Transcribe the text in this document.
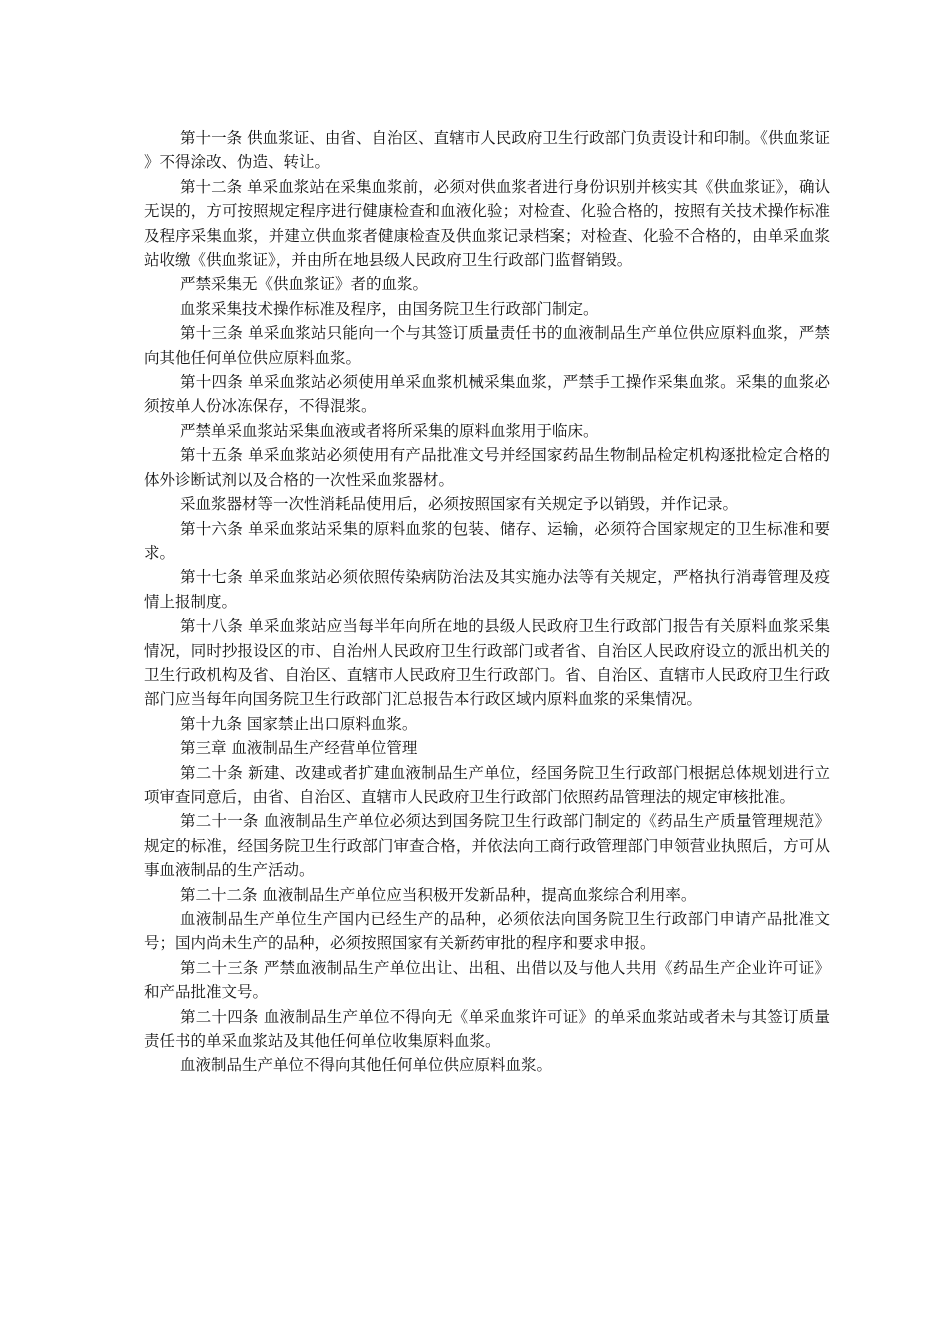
第十一条 供血浆证、由省、自治区、直辖市人民政府卫生行政部门负责设计和印制。《供血浆证》不得涂改、伪造、转让。

第十二条 单采血浆站在采集血浆前，必须对供血浆者进行身份识别并核实其《供血浆证》，确认无误的，方可按照规定程序进行健康检查和血液化验；对检查、化验合格的，按照有关技术操作标准及程序采集血浆，并建立供血浆者健康检查及供血浆记录档案；对检查、化验不合格的，由单采血浆站收缴《供血浆证》，并由所在地县级人民政府卫生行政部门监督销毁。

严禁采集无《供血浆证》者的血浆。

血浆采集技术操作标准及程序，由国务院卫生行政部门制定。

第十三条 单采血浆站只能向一个与其签订质量责任书的血液制品生产单位供应原料血浆，严禁向其他任何单位供应原料血浆。

第十四条 单采血浆站必须使用单采血浆机械采集血浆，严禁手工操作采集血浆。采集的血浆必须按单人份冰冻保存，不得混浆。

严禁单采血浆站采集血液或者将所采集的原料血浆用于临床。

第十五条 单采血浆站必须使用有产品批准文号并经国家药品生物制品检定机构逐批检定合格的体外诊断试剂以及合格的一次性采血浆器材。

采血浆器材等一次性消耗品使用后，必须按照国家有关规定予以销毁，并作记录。

第十六条 单采血浆站采集的原料血浆的包装、储存、运输，必须符合国家规定的卫生标准和要求。

第十七条 单采血浆站必须依照传染病防治法及其实施办法等有关规定，严格执行消毒管理及疫情上报制度。

第十八条 单采血浆站应当每半年向所在地的县级人民政府卫生行政部门报告有关原料血浆采集情况，同时抄报设区的市、自治州人民政府卫生行政部门或者省、自治区人民政府设立的派出机关的卫生行政机构及省、自治区、直辖市人民政府卫生行政部门。省、自治区、直辖市人民政府卫生行政部门应当每年向国务院卫生行政部门汇总报告本行政区域内原料血浆的采集情况。

第十九条 国家禁止出口原料血浆。

第三章 血液制品生产经营单位管理

第二十条 新建、改建或者扩建血液制品生产单位，经国务院卫生行政部门根据总体规划进行立项审查同意后，由省、自治区、直辖市人民政府卫生行政部门依照药品管理法的规定审核批准。

第二十一条 血液制品生产单位必须达到国务院卫生行政部门制定的《药品生产质量管理规范》规定的标准，经国务院卫生行政部门审查合格，并依法向工商行政管理部门申领营业执照后，方可从事血液制品的生产活动。

第二十二条 血液制品生产单位应当积极开发新品种，提高血浆综合利用率。

血液制品生产单位生产国内已经生产的品种，必须依法向国务院卫生行政部门申请产品批准文号；国内尚未生产的品种，必须按照国家有关新药审批的程序和要求申报。

第二十三条 严禁血液制品生产单位出让、出租、出借以及与他人共用《药品生产企业许可证》和产品批准文号。

第二十四条 血液制品生产单位不得向无《单采血浆许可证》的单采血浆站或者未与其签订质量责任书的单采血浆站及其他任何单位收集原料血浆。

血液制品生产单位不得向其他任何单位供应原料血浆。
